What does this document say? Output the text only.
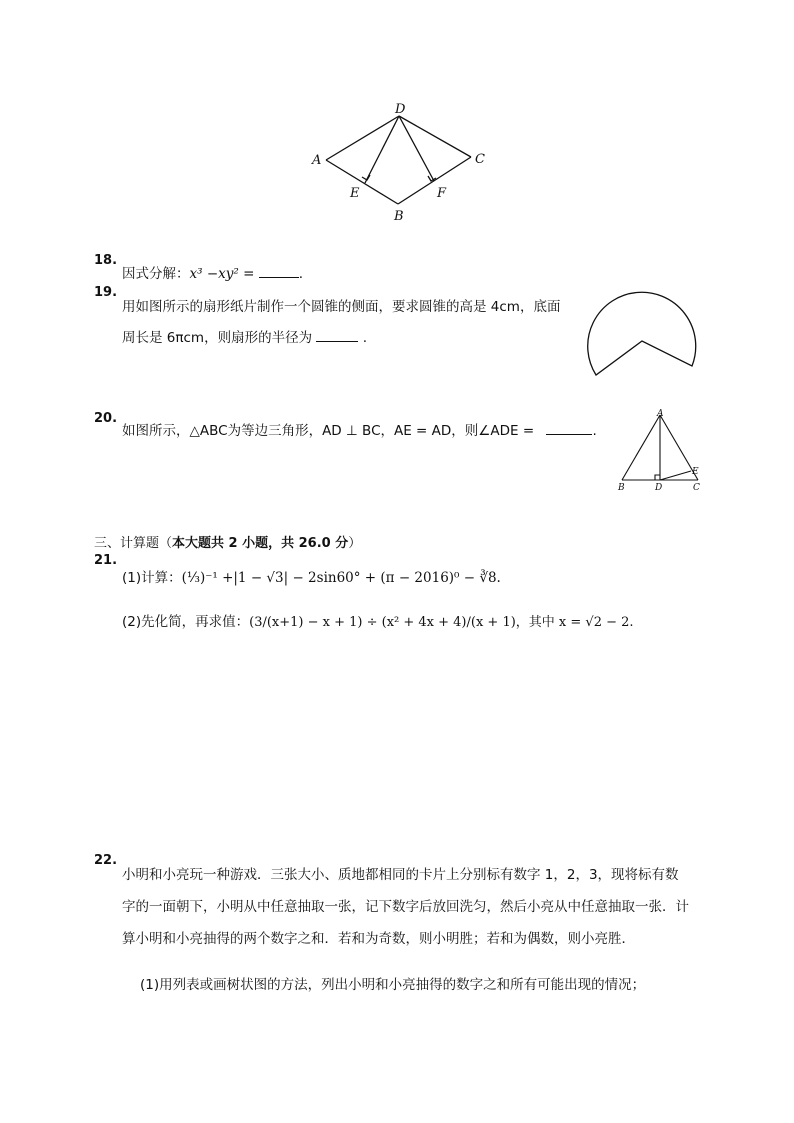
D
A	C
E	F
B
18.
因式分解：x³ −xy² =	.
19.
用如图所示的扇形纸片制作一个圆锥的侧面，要求圆锥的高是 4cm，底面
周长是 6πcm，则扇形的半径为	.
20.
如图所示，△ABC为等边三角形，AD ⊥ BC，AE = AD，则∠ADE =	.
A
B	D
E
C
三、计算题（本大题共 2 小题，共 26.0 分）
21.
(1)计算：(⅓)⁻¹ +|1 − √3| − 2sin60° + (π − 2016)⁰ − ∛8.
(2)先化简，再求值：(3/(x+1) − x + 1) ÷ (x² + 4x + 4)/(x + 1)，其中 x = √2 − 2.
22.
小明和小亮玩一种游戏．三张大小、质地都相同的卡片上分别标有数字 1，2，3，现将标有数
字的一面朝下，小明从中任意抽取一张，记下数字后放回洗匀，然后小亮从中任意抽取一张．计
算小明和小亮抽得的两个数字之和．若和为奇数，则小明胜；若和为偶数，则小亮胜．
(1)用列表或画树状图的方法，列出小明和小亮抽得的数字之和所有可能出现的情况；
